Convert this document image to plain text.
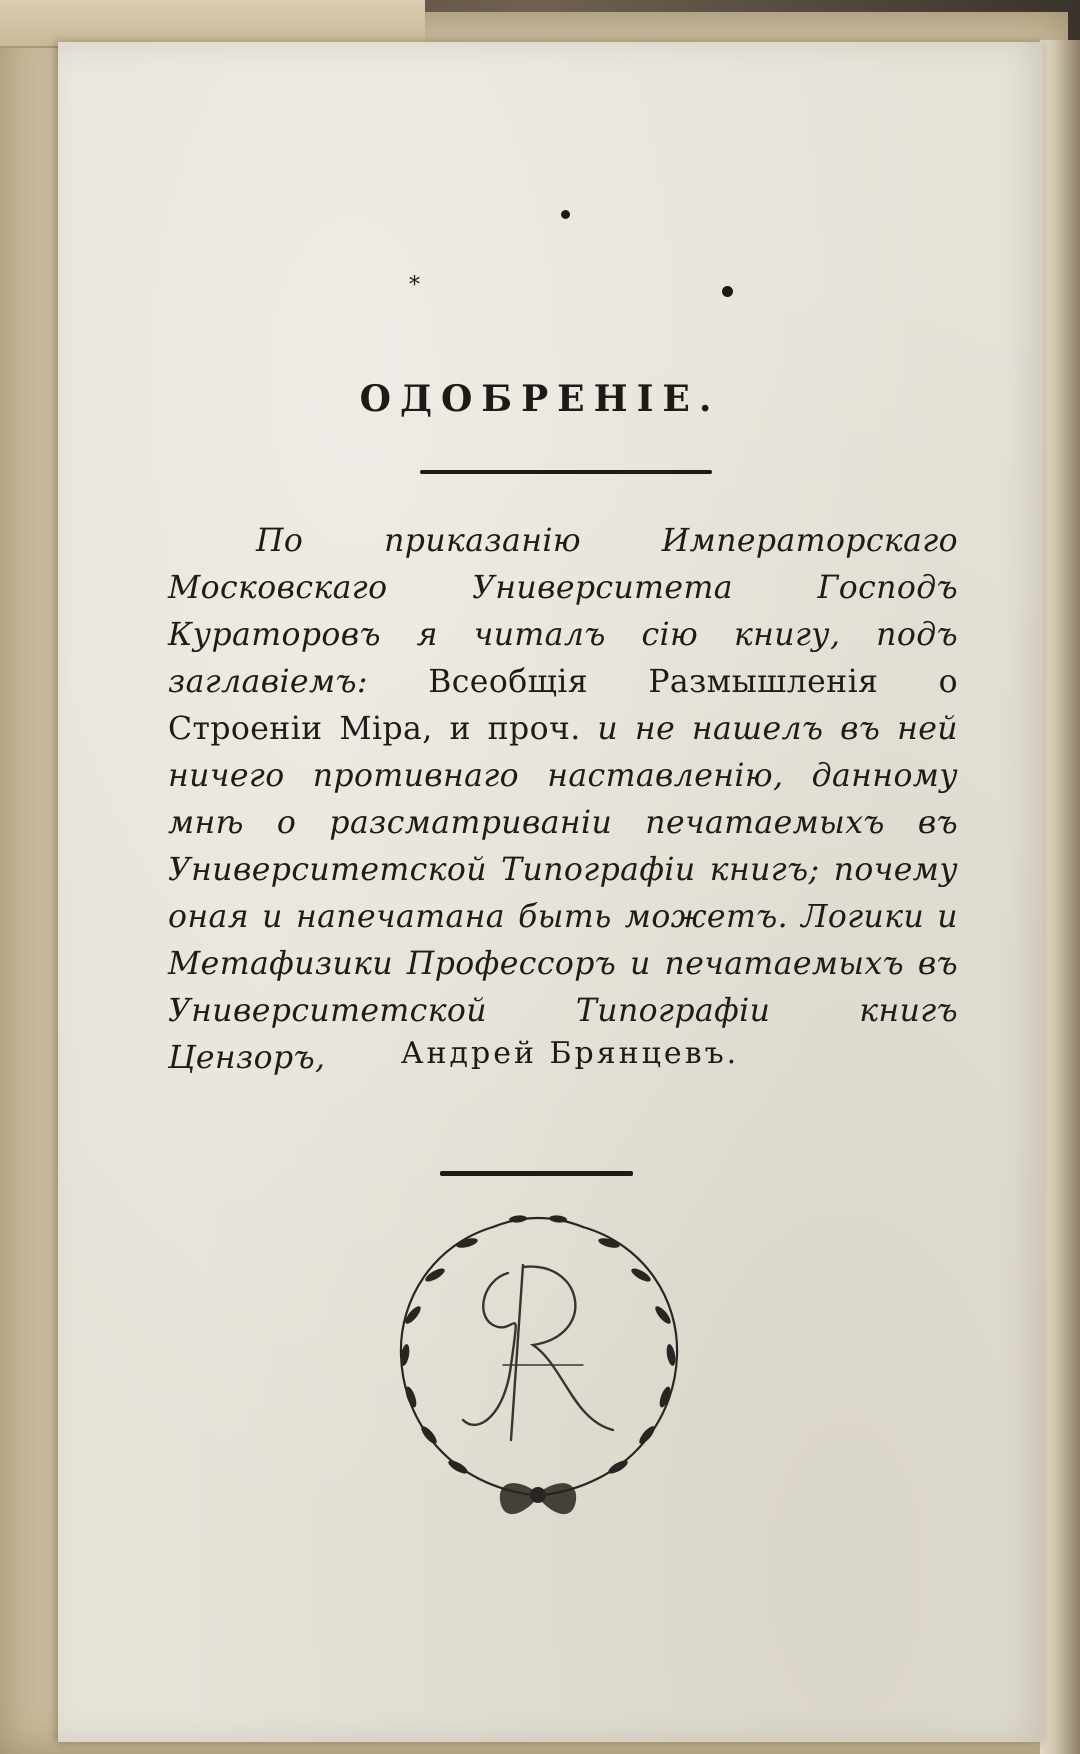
*
ОДОБРЕНІЕ.

По приказанію Императорскаго Московскаго Университета Господъ Кураторовъ я читалъ сію книгу, подъ заглавіемъ: Всеобщія Размышленія о Строеніи Міра, и проч. и не нашелъ въ ней ничего противнаго наставленію, данному мнѣ о разсматриваніи печатаемыхъ въ Университетской Типографіи книгъ; почему оная и напечатана быть можетъ. Логики и Метафизики Профессоръ и печатаемыхъ въ Университетской Типографіи книгъ Цензоръ,	Андрей Брянцевъ.
